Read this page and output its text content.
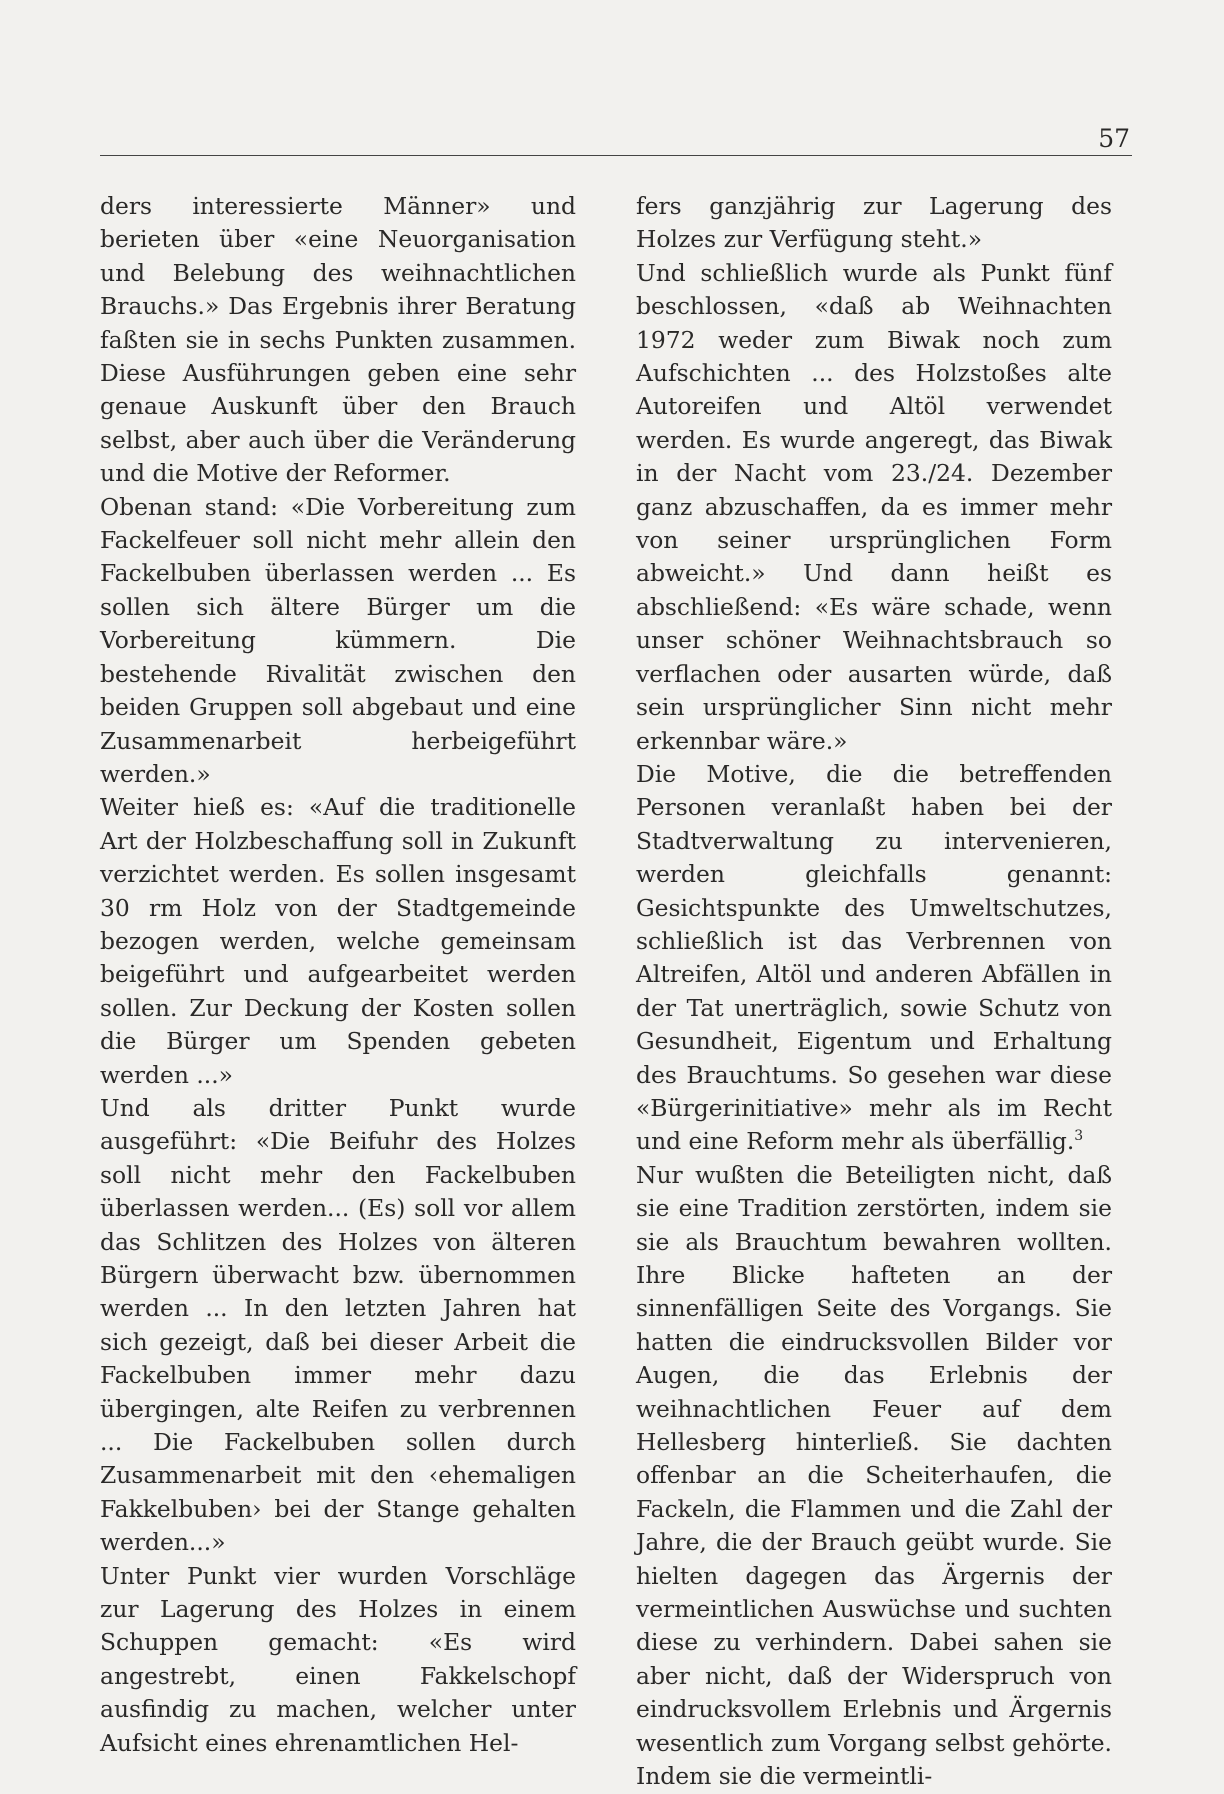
57

ders interessierte Männer» und berieten über «eine Neuorganisation und Belebung des weihnachtlichen Brauchs.» Das Ergebnis ihrer Beratung faßten sie in sechs Punkten zusammen. Diese Ausführungen geben eine sehr genaue Auskunft über den Brauch selbst, aber auch über die Veränderung und die Motive der Reformer.

Obenan stand: «Die Vorbereitung zum Fackelfeuer soll nicht mehr allein den Fackelbuben überlassen werden ... Es sollen sich ältere Bürger um die Vorbereitung kümmern. Die bestehende Rivalität zwischen den beiden Gruppen soll abgebaut und eine Zusammenarbeit herbeigeführt werden.»

Weiter hieß es: «Auf die traditionelle Art der Holzbeschaffung soll in Zukunft verzichtet werden. Es sollen insgesamt 30 rm Holz von der Stadtgemeinde bezogen werden, welche gemeinsam beigeführt und aufgearbeitet werden sollen. Zur Deckung der Kosten sollen die Bürger um Spenden gebeten werden ...»

Und als dritter Punkt wurde ausgeführt: «Die Beifuhr des Holzes soll nicht mehr den Fackelbuben überlassen werden... (Es) soll vor allem das Schlitzen des Holzes von älteren Bürgern überwacht bzw. übernommen werden ... In den letzten Jahren hat sich gezeigt, daß bei dieser Arbeit die Fackelbuben immer mehr dazu übergingen, alte Reifen zu verbrennen ... Die Fackelbuben sollen durch Zusammenarbeit mit den ‹ehemaligen Fakkelbuben› bei der Stange gehalten werden...»

Unter Punkt vier wurden Vorschläge zur Lagerung des Holzes in einem Schuppen gemacht: «Es wird angestrebt, einen Fakkelschopf ausfindig zu machen, welcher unter Aufsicht eines ehrenamtlichen Hel-

fers ganzjährig zur Lagerung des Holzes zur Verfügung steht.»

Und schließlich wurde als Punkt fünf beschlossen, «daß ab Weihnachten 1972 weder zum Biwak noch zum Aufschichten ... des Holzstoßes alte Autoreifen und Altöl verwendet werden. Es wurde angeregt, das Biwak in der Nacht vom 23./24. Dezember ganz abzuschaffen, da es immer mehr von seiner ursprünglichen Form abweicht.» Und dann heißt es abschließend: «Es wäre schade, wenn unser schöner Weihnachtsbrauch so verflachen oder ausarten würde, daß sein ursprünglicher Sinn nicht mehr erkennbar wäre.»

Die Motive, die die betreffenden Personen veranlaßt haben bei der Stadtverwaltung zu intervenieren, werden gleichfalls genannt: Gesichtspunkte des Umweltschutzes, schließlich ist das Verbrennen von Altreifen, Altöl und anderen Abfällen in der Tat unerträglich, sowie Schutz von Gesundheit, Eigentum und Erhaltung des Brauchtums. So gesehen war diese «Bürgerinitiative» mehr als im Recht und eine Reform mehr als überfällig.$^3$

Nur wußten die Beteiligten nicht, daß sie eine Tradition zerstörten, indem sie sie als Brauchtum bewahren wollten. Ihre Blicke hafteten an der sinnenfälligen Seite des Vorgangs. Sie hatten die eindrucksvollen Bilder vor Augen, die das Erlebnis der weihnachtlichen Feuer auf dem Hellesberg hinterließ. Sie dachten offenbar an die Scheiterhaufen, die Fackeln, die Flammen und die Zahl der Jahre, die der Brauch geübt wurde. Sie hielten dagegen das Ärgernis der vermeintlichen Auswüchse und suchten diese zu verhindern. Dabei sahen sie aber nicht, daß der Widerspruch von eindrucksvollem Erlebnis und Ärgernis wesentlich zum Vorgang selbst gehörte. Indem sie die vermeintli-
